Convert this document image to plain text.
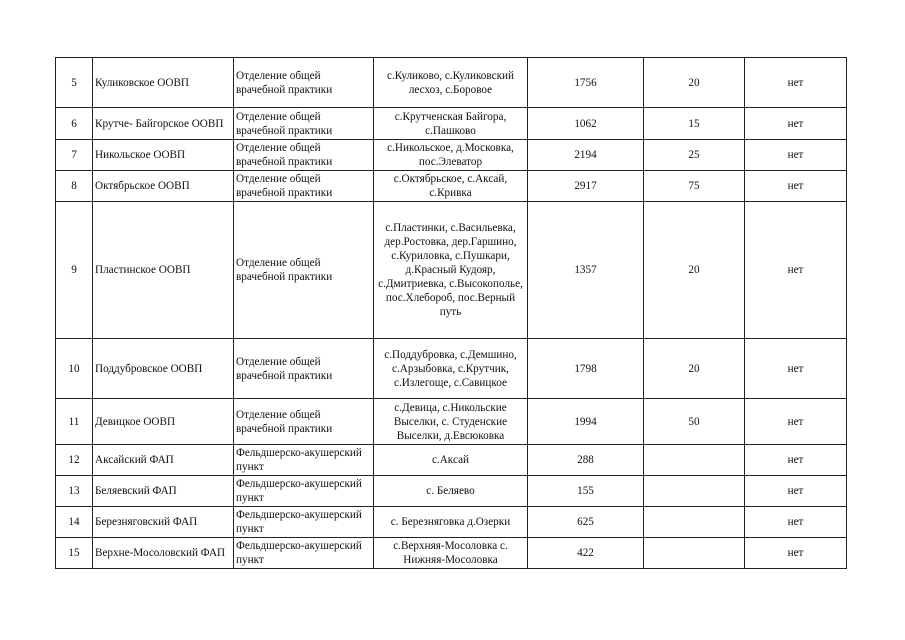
5	Куликовское ООВП	Отделение общей врачебной практики	с.Куликово, с.Куликовский лесхоз, с.Боровое	1756	20	нет
6	Крутче- Байгорское ООВП	Отделение общей врачебной практики	с.Крутченская Байгора, с.Пашково	1062	15	нет
7	Никольское ООВП	Отделение общей врачебной практики	с.Никольское, д.Московка, пос.Элеватор	2194	25	нет
8	Октябрьское ООВП	Отделение общей врачебной практики	с.Октябрьское, с.Аксай, с.Кривка	2917	75	нет
9	Пластинское ООВП	Отделение общей врачебной практики	с.Пластинки, с.Васильевка, дер.Ростовка, дер.Гаршино, с.Куриловка, с.Пушкари, д.Красный Кудояр, с.Дмитриевка, с.Высокополье, пос.Хлебороб, пос.Верный путь	1357	20	нет
10	Поддубровское ООВП	Отделение общей врачебной практики	с.Поддубровка, с.Демшино, с.Арзыбовка, с.Крутчик, с.Излегоще, с.Савицкое	1798	20	нет
11	Девицкое ООВП	Отделение общей врачебной практики	с.Девица, с.Никольские Выселки, с. Студенские Выселки, д.Евсюковка	1994	50	нет
12	Аксайский ФАП	Фельдшерско-акушерский пункт	с.Аксай	288		нет
13	Беляевский ФАП	Фельдшерско-акушерский пункт	с. Беляево	155		нет
14	Березняговский ФАП	Фельдшерско-акушерский пункт	с. Березняговка д.Озерки	625		нет
15	Верхне-Мосоловский ФАП	Фельдшерско-акушерский пункт	с.Верхняя-Мосоловка с. Нижняя-Мосоловка	422		нет
